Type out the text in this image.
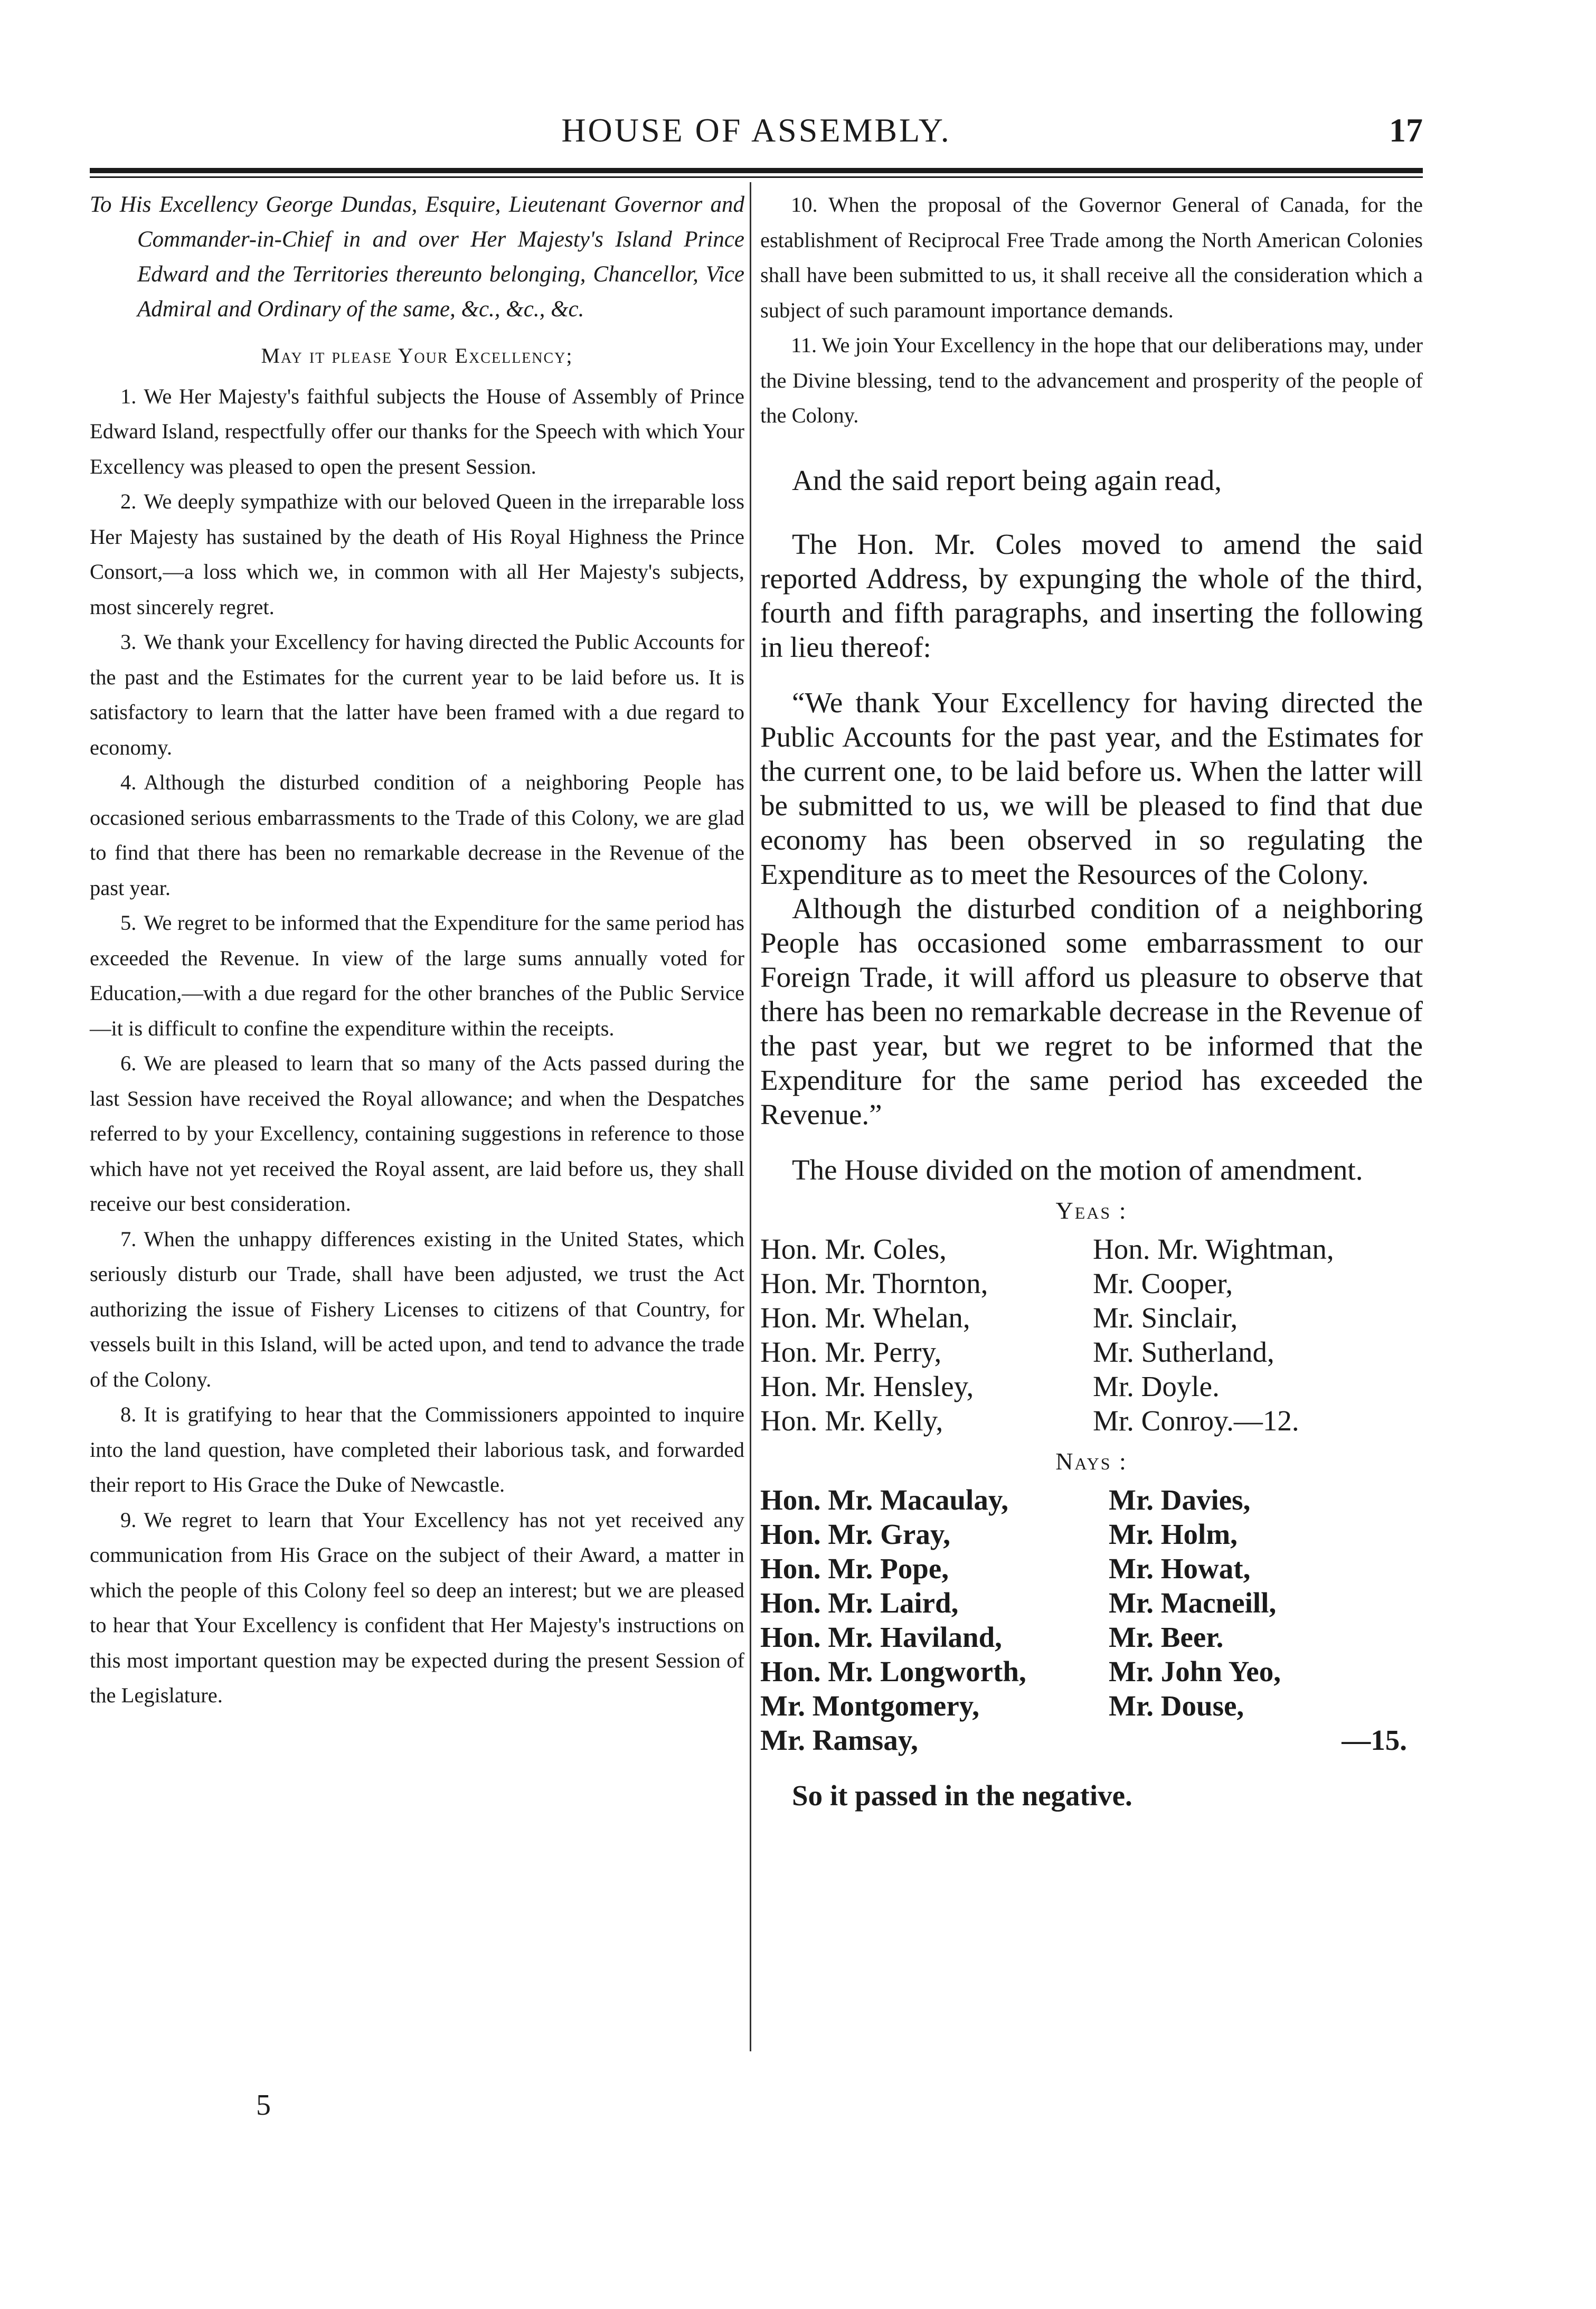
HOUSE OF ASSEMBLY.	17

To His Excellency George Dundas, Esquire, Lieutenant Governor and Commander-in-Chief in and over Her Majesty's Island Prince Edward and the Territories thereunto belonging, Chancellor, Vice Admiral and Ordinary of the same, &c., &c., &c.

May it please Your Excellency;

1. We Her Majesty's faithful subjects the House of Assembly of Prince Edward Island, respectfully offer our thanks for the Speech with which Your Excellency was pleased to open the present Session.

2. We deeply sympathize with our beloved Queen in the irreparable loss Her Majesty has sustained by the death of His Royal Highness the Prince Consort,—a loss which we, in common with all Her Majesty's subjects, most sincerely regret.

3. We thank your Excellency for having directed the Public Accounts for the past and the Estimates for the current year to be laid before us. It is satisfactory to learn that the latter have been framed with a due regard to economy.

4. Although the disturbed condition of a neighboring People has occasioned serious embarrassments to the Trade of this Colony, we are glad to find that there has been no remarkable decrease in the Revenue of the past year.

5. We regret to be informed that the Expenditure for the same period has exceeded the Revenue. In view of the large sums annually voted for Education,—with a due regard for the other branches of the Public Service—it is difficult to confine the expenditure within the receipts.

6. We are pleased to learn that so many of the Acts passed during the last Session have received the Royal allowance; and when the Despatches referred to by your Excellency, containing suggestions in reference to those which have not yet received the Royal assent, are laid before us, they shall receive our best consideration.

7. When the unhappy differences existing in the United States, which seriously disturb our Trade, shall have been adjusted, we trust the Act authorizing the issue of Fishery Licenses to citizens of that Country, for vessels built in this Island, will be acted upon, and tend to advance the trade of the Colony.

8. It is gratifying to hear that the Commissioners appointed to inquire into the land question, have completed their laborious task, and forwarded their report to His Grace the Duke of Newcastle.

9. We regret to learn that Your Excellency has not yet received any communication from His Grace on the subject of their Award, a matter in which the people of this Colony feel so deep an interest; but we are pleased to hear that Your Excellency is confident that Her Majesty's instructions on this most important question may be expected during the present Session of the Legislature.

10. When the proposal of the Governor General of Canada, for the establishment of Reciprocal Free Trade among the North American Colonies shall have been submitted to us, it shall receive all the consideration which a subject of such paramount importance demands.

11. We join Your Excellency in the hope that our deliberations may, under the Divine blessing, tend to the advancement and prosperity of the people of the Colony.

And the said report being again read,

The Hon. Mr. Coles moved to amend the said reported Address, by expunging the whole of the third, fourth and fifth paragraphs, and inserting the following in lieu thereof:

“We thank Your Excellency for having directed the Public Accounts for the past year, and the Estimates for the current one, to be laid before us. When the latter will be submitted to us, we will be pleased to find that due economy has been observed in so regulating the Expenditure as to meet the Resources of the Colony.

Although the disturbed condition of a neighboring People has occasioned some embarrassment to our Foreign Trade, it will afford us pleasure to observe that there has been no remarkable decrease in the Revenue of the past year, but we regret to be informed that the Expenditure for the same period has exceeded the Revenue.”

The House divided on the motion of amendment.

Yeas :
Hon. Mr. Coles,
Hon. Mr. Thornton,
Hon. Mr. Whelan,
Hon. Mr. Perry,
Hon. Mr. Hensley,
Hon. Mr. Kelly,
Hon. Mr. Wightman,
Mr. Cooper,
Mr. Sinclair,
Mr. Sutherland,
Mr. Doyle.
Mr. Conroy.—12.
Nays :
Hon. Mr. Macaulay,
Hon. Mr. Gray,
Hon. Mr. Pope,
Hon. Mr. Laird,
Hon. Mr. Haviland,
Hon. Mr. Longworth,
Mr. Montgomery,
Mr. Davies,
Mr. Holm,
Mr. Howat,
Mr. Macneill,
Mr. Beer.
Mr. John Yeo,
Mr. Douse,
Mr. Ramsay,	—15.

So it passed in the negative.

5
